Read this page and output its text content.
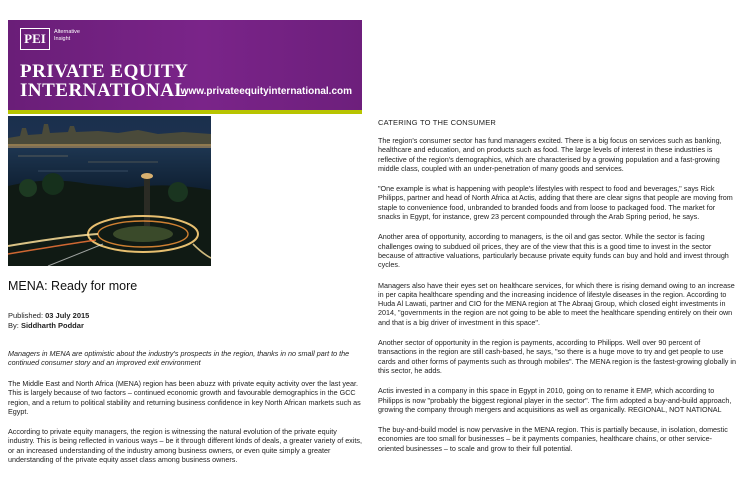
PEI	Alternative Insight
PRIVATE EQUITY
INTERNATIONAL
www.privateequityinternational.com
MENA: Ready for more
Published: 03 July 2015
By: Siddharth Poddar

Managers in MENA are optimistic about the industry's prospects in the region, thanks in no small part to the continued consumer story and an improved exit environment

The Middle East and North Africa (MENA) region has been abuzz with private equity activity over the last year. This is largely because of two factors – continued economic growth and favourable demographics in the GCC region, and a return to political stability and returning business confidence in key North African markets such as Egypt.

According to private equity managers, the region is witnessing the natural evolution of the private equity industry. This is being reflected in various ways – be it through different kinds of deals, a greater variety of exits, or an increased understanding of the industry among business owners, or even quite simply a greater understanding of the private equity asset class among business owners.

CATERING TO THE CONSUMER

The region's consumer sector has fund managers excited. There is a big focus on services such as banking, healthcare and education, and on products such as food. The large levels of interest in these industries is reflective of the region's demographics, which are characterised by a growing population and a fast-growing middle class, coupled with an under-penetration of many goods and services.

"One example is what is happening with people's lifestyles with respect to food and beverages," says Rick Philipps, partner and head of North Africa at Actis, adding that there are clear signs that people are moving from staple to convenience food, unbranded to branded foods and from loose to packaged food. The market for snacks in Egypt, for instance, grew 23 percent compounded through the Arab Spring period, he says.

Another area of opportunity, according to managers, is the oil and gas sector. While the sector is facing challenges owing to subdued oil prices, they are of the view that this is a good time to invest in the sector because of attractive valuations, particularly because private equity funds can buy and hold and invest through cycles.

Managers also have their eyes set on healthcare services, for which there is rising demand owing to an increase in per capita healthcare spending and the increasing incidence of lifestyle diseases in the region. According to Huda Al Lawati, partner and CIO for the MENA region at The Abraaj Group, which closed eight investments in 2014, "governments in the region are not going to be able to meet the healthcare spending entirely on their own and that is a big driver of investment in this space".

Another sector of opportunity in the region is payments, according to Philipps. Well over 90 percent of transactions in the region are still cash-based, he says, "so there is a huge move to try and get people to use cards and other forms of payments such as through mobiles". The MENA region is the fastest-growing globally in this sector, he adds.

Actis invested in a company in this space in Egypt in 2010, going on to rename it EMP, which according to Philipps is now "probably the biggest regional player in the sector". The firm adopted a buy-and-build approach, growing the company through mergers and acquisitions as well as organically. REGIONAL, NOT NATIONAL

The buy-and-build model is now pervasive in the MENA region. This is partially because, in isolation, domestic economies are too small for businesses – be it payments companies, healthcare chains, or other service-oriented businesses – to scale and grow to their full potential.
